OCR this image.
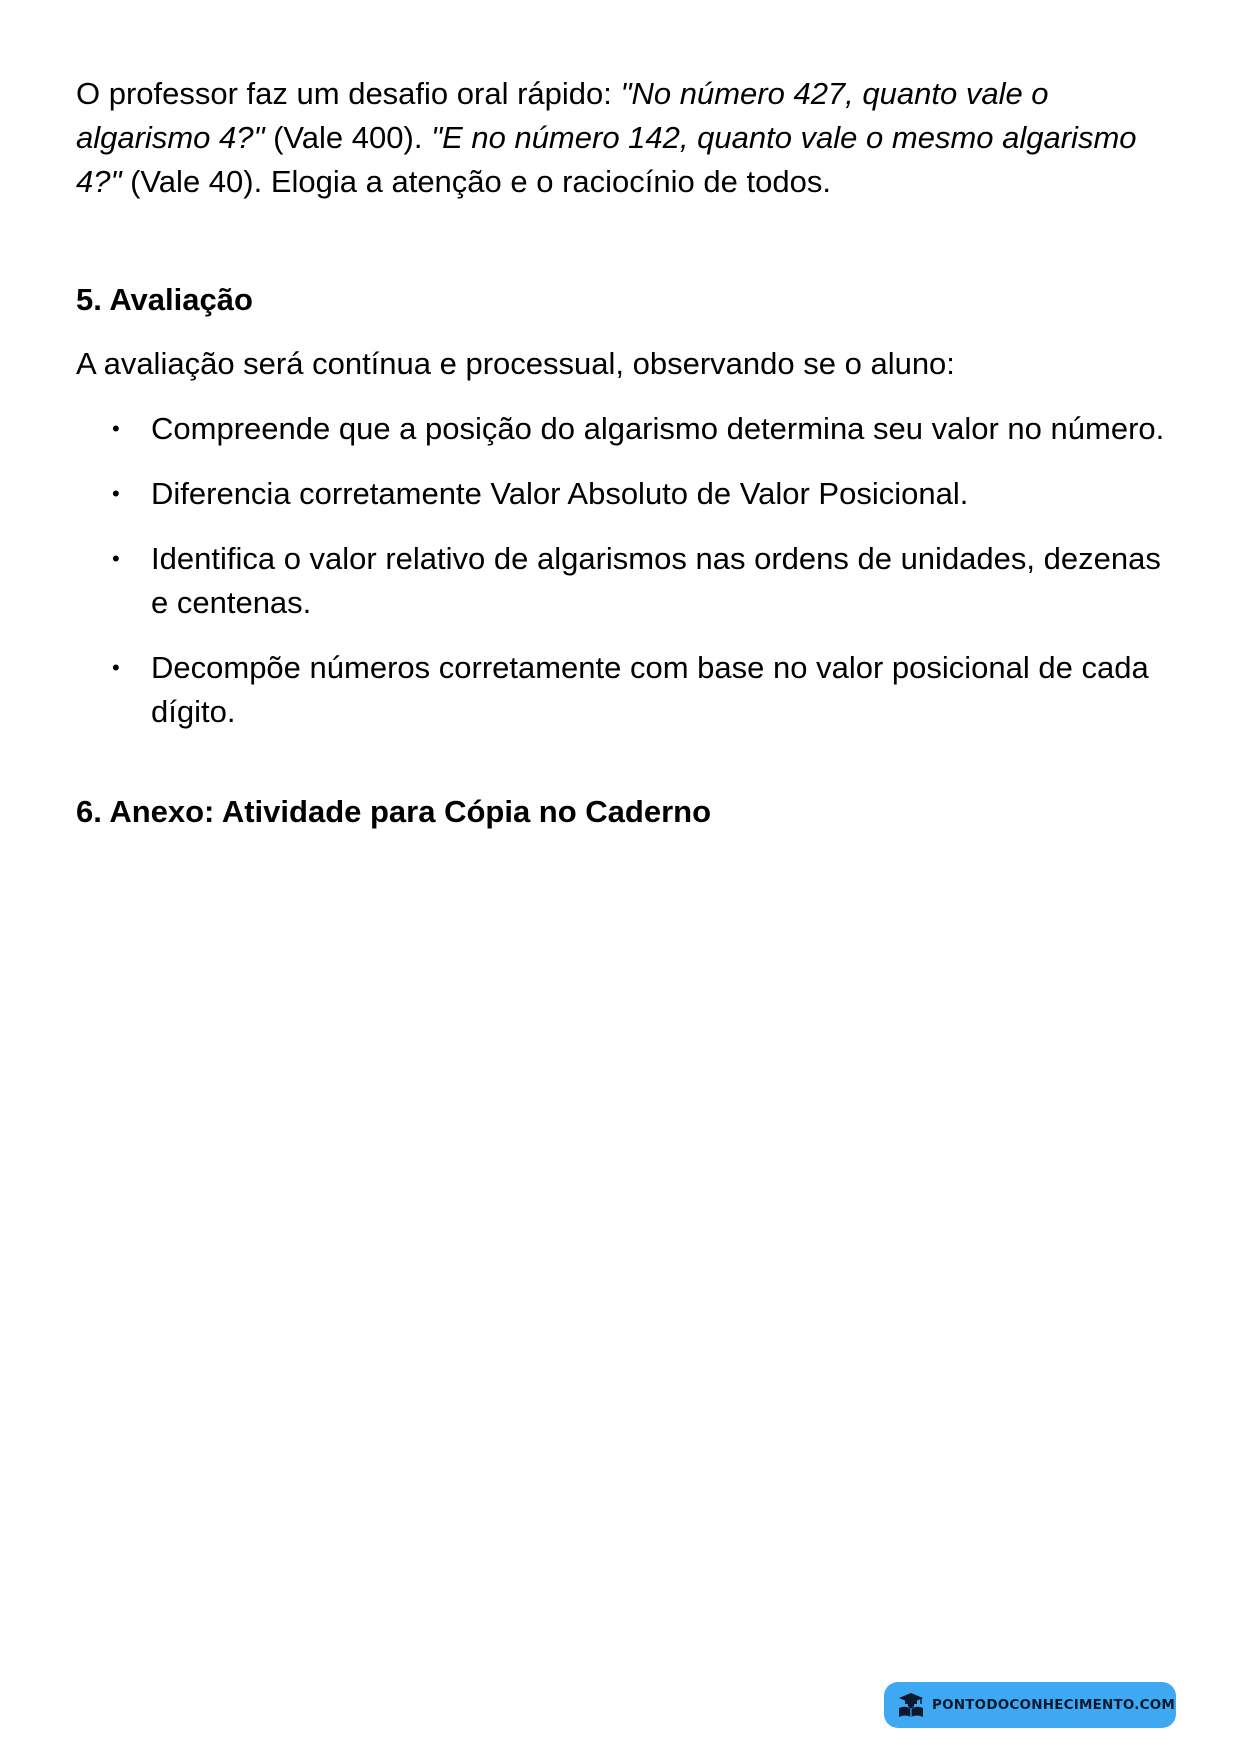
O professor faz um desafio oral rápido: "No número 427, quanto vale o algarismo 4?" (Vale 400). "E no número 142, quanto vale o mesmo algarismo 4?" (Vale 40). Elogia a atenção e o raciocínio de todos.

5. Avaliação

A avaliação será contínua e processual, observando se o aluno:

• Compreende que a posição do algarismo determina seu valor no número.
• Diferencia corretamente Valor Absoluto de Valor Posicional.
• Identifica o valor relativo de algarismos nas ordens de unidades, dezenas e centenas.
• Decompõe números corretamente com base no valor posicional de cada dígito.
6. Anexo: Atividade para Cópia no Caderno
PONTODOCONHECIMENTO.COM
